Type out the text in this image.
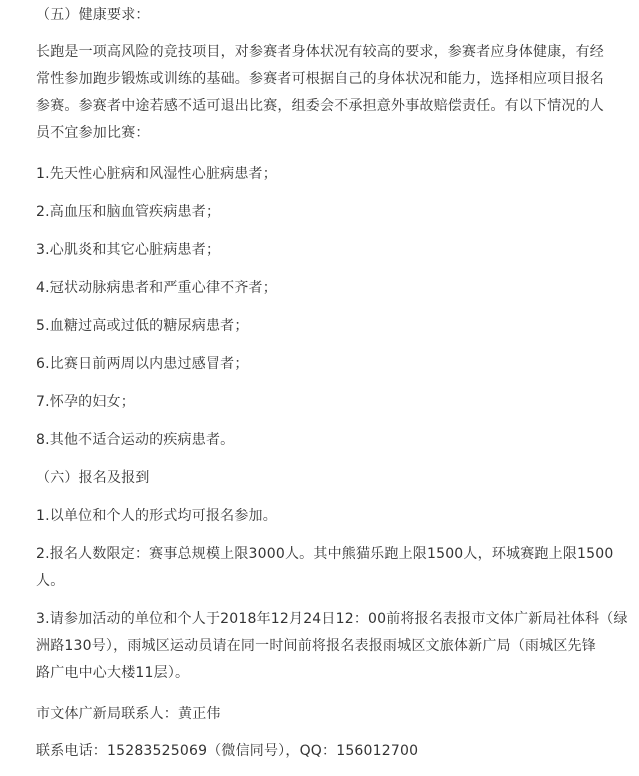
（五）健康要求：
长跑是一项高风险的竞技项目，对参赛者身体状况有较高的要求，参赛者应身体健康，有经
常性参加跑步锻炼或训练的基础。参赛者可根据自己的身体状况和能力，选择相应项目报名
参赛。参赛者中途若感不适可退出比赛，组委会不承担意外事故赔偿责任。有以下情况的人
员不宜参加比赛：
1.先天性心脏病和风湿性心脏病患者；
2.高血压和脑血管疾病患者；
3.心肌炎和其它心脏病患者；
4.冠状动脉病患者和严重心律不齐者；
5.血糖过高或过低的糖尿病患者；
6.比赛日前两周以内患过感冒者；
7.怀孕的妇女；
8.其他不适合运动的疾病患者。
（六）报名及报到
1.以单位和个人的形式均可报名参加。
2.报名人数限定：赛事总规模上限3000人。其中熊猫乐跑上限1500人，环城赛跑上限1500
人。
3.请参加活动的单位和个人于2018年12月24日12：00前将报名表报市文体广新局社体科（绿
洲路130号），雨城区运动员请在同一时间前将报名表报雨城区文旅体新广局（雨城区先锋
路广电中心大楼11层）。
市文体广新局联系人：黄正伟
联系电话：15283525069（微信同号），QQ：156012700
